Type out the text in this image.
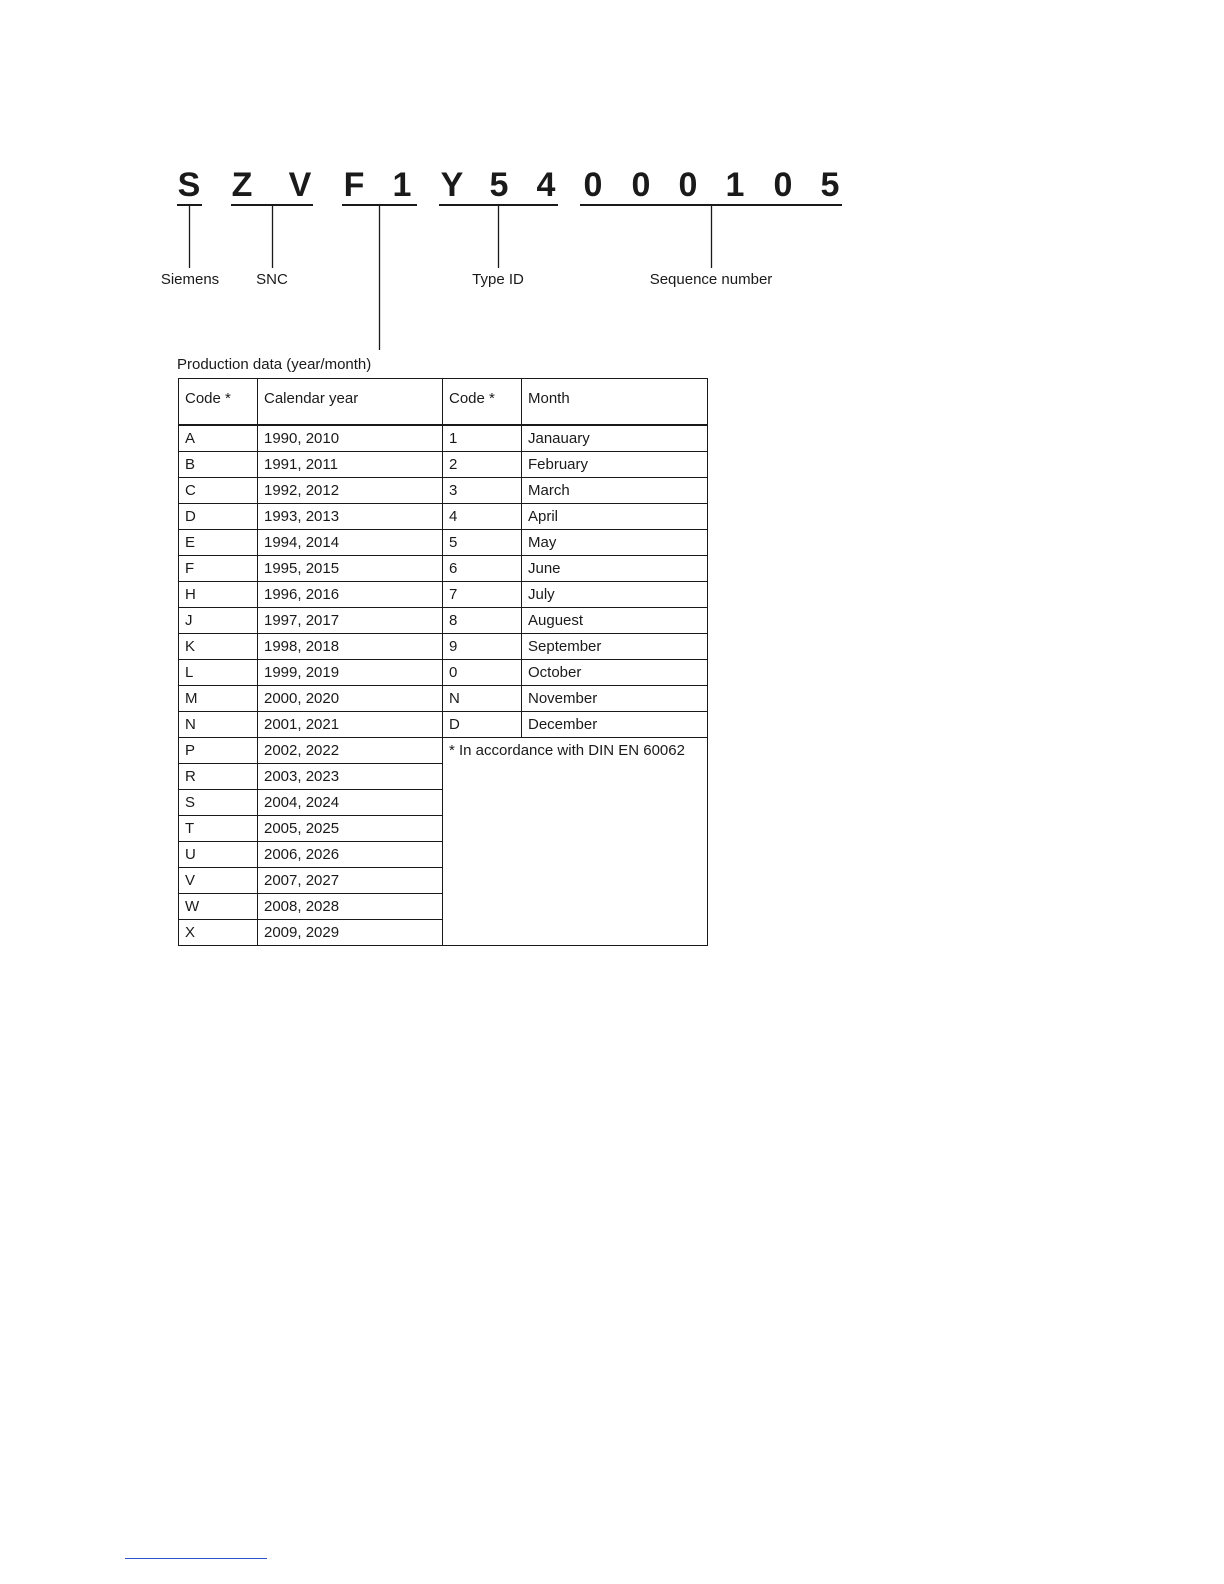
S Z V F 1 Y 5 4 0 0 0 1 0 5
Siemens SNC	Type ID	Sequence number
Production data (year/month)
Code *	Calendar year	Code *	Month
A	1990, 2010	1	Janauary
B	1991, 2011	2	February
C	1992, 2012	3	March
D	1993, 2013	4	April
E	1994, 2014	5	May
F	1995, 2015	6	June
H	1996, 2016	7	July
J	1997, 2017	8	Auguest
K	1998, 2018	9	September
L	1999, 2019	0	October
M	2000, 2020	N	November
N	2001, 2021	D	December
P	2002, 2022	* In accordance with DIN EN 60062	
R	2003, 2023		
S	2004, 2024		
T	2005, 2025		
U	2006, 2026		
V	2007, 2027		
W	2008, 2028		
X	2009, 2029		
